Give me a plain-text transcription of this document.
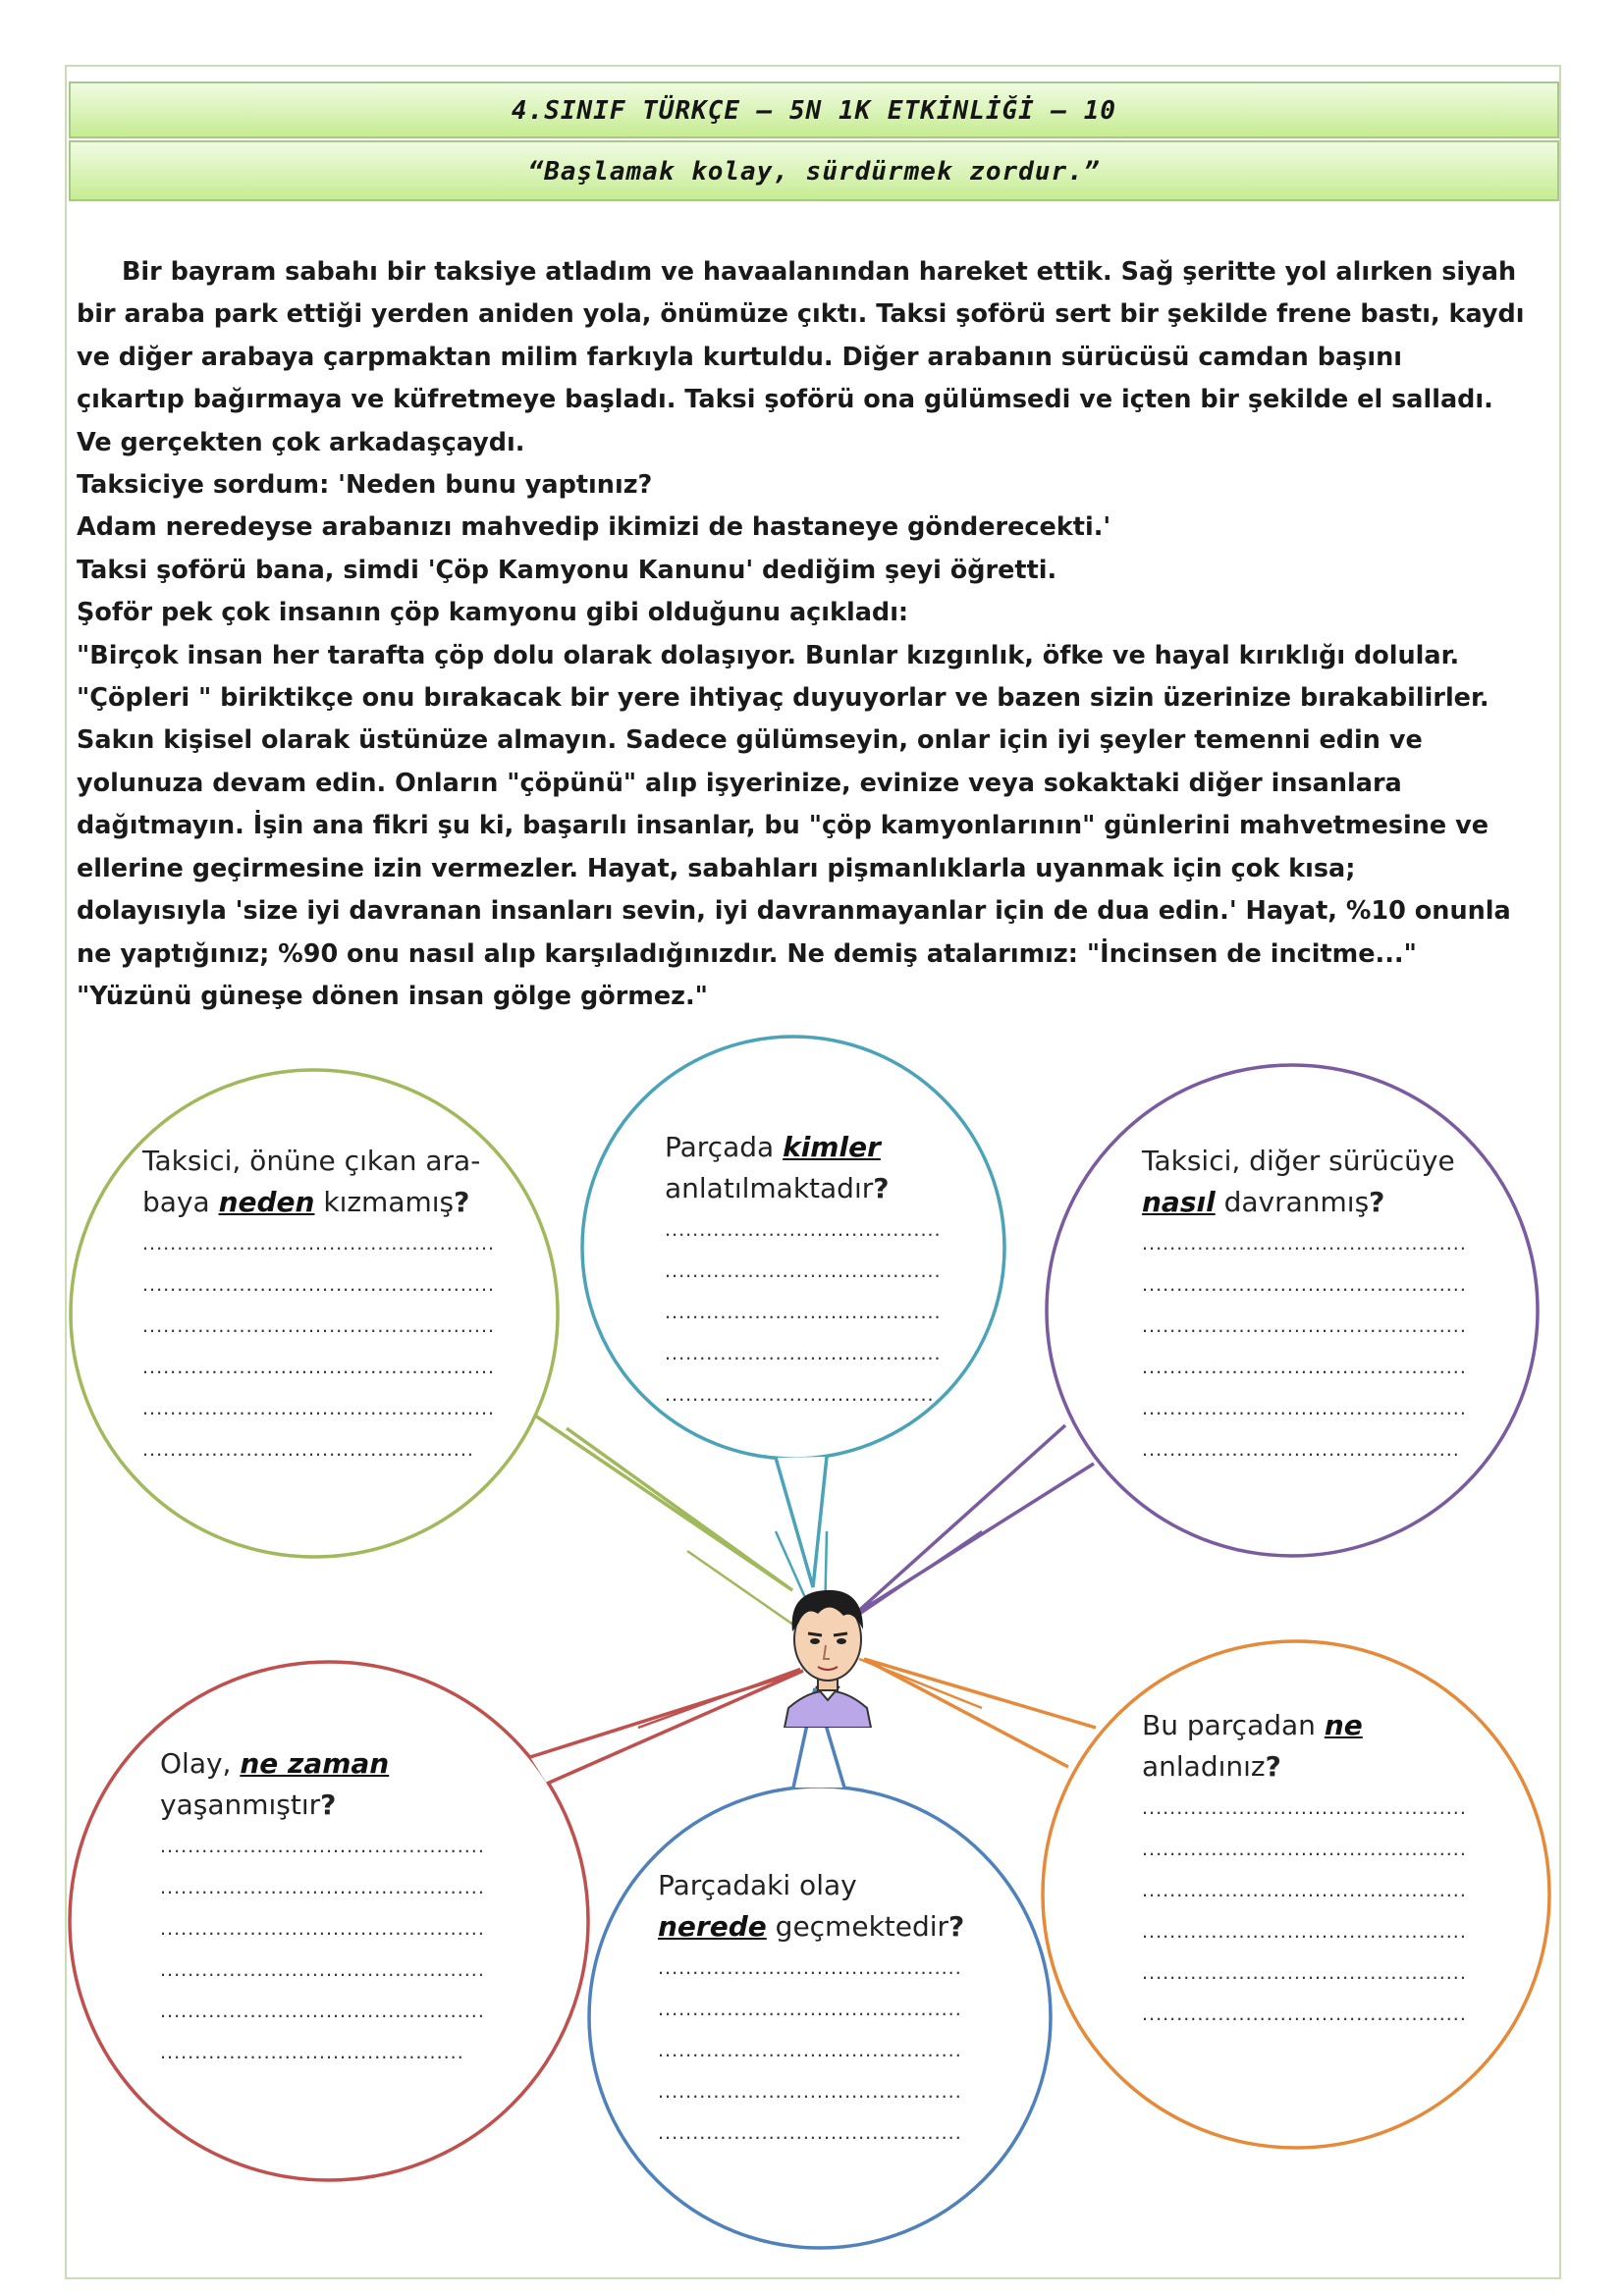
4.SINIF TÜRKÇE – 5N 1K ETKİNLİĞİ – 10
“Başlamak kolay, sürdürmek zordur.”
Bir bayram sabahı bir taksiye atladım ve havaalanından hareket ettik. Sağ şeritte yol alırken siyah
bir araba park ettiği yerden aniden yola, önümüze çıktı. Taksi şoförü sert bir şekilde frene bastı, kaydı
ve diğer arabaya çarpmaktan milim farkıyla kurtuldu. Diğer arabanın sürücüsü camdan başını
çıkartıp bağırmaya ve küfretmeye başladı. Taksi şoförü ona gülümsedi ve içten bir şekilde el salladı.
Ve gerçekten çok arkadaşçaydı.
Taksiciye sordum: 'Neden bunu yaptınız?
Adam neredeyse arabanızı mahvedip ikimizi de hastaneye gönderecekti.'
Taksi şoförü bana, simdi 'Çöp Kamyonu Kanunu' dediğim şeyi öğretti.
Şoför pek çok insanın çöp kamyonu gibi olduğunu açıkladı:
"Birçok insan her tarafta çöp dolu olarak dolaşıyor. Bunlar kızgınlık, öfke ve hayal kırıklığı dolular.
"Çöpleri " biriktikçe onu bırakacak bir yere ihtiyaç duyuyorlar ve bazen sizin üzerinize bırakabilirler.
Sakın kişisel olarak üstünüze almayın. Sadece gülümseyin, onlar için iyi şeyler temenni edin ve
yolunuza devam edin. Onların "çöpünü" alıp işyerinize, evinize veya sokaktaki diğer insanlara
dağıtmayın. İşin ana fikri şu ki, başarılı insanlar, bu "çöp kamyonlarının" günlerini mahvetmesine ve
ellerine geçirmesine izin vermezler. Hayat, sabahları pişmanlıklarla uyanmak için çok kısa;
dolayısıyla 'size iyi davranan insanları sevin, iyi davranmayanlar için de dua edin.' Hayat, %10 onunla
ne yaptığınız; %90 onu nasıl alıp karşıladığınızdır. Ne demiş atalarımız: "İncinsen de incitme..."
"Yüzünü güneşe dönen insan gölge görmez."
Taksici, önüne çıkan ara-
baya neden kızmamış?
...................................................
...................................................
...................................................
...................................................
...................................................
................................................
Parçada kimler
anlatılmaktadır?
........................................
........................................
........................................
........................................
.......................................
Taksici, diğer sürücüye
nasıl davranmış?
...............................................
...............................................
...............................................
...............................................
...............................................
..............................................
Olay, ne zaman
yaşanmıştır?
...............................................
...............................................
...............................................
...............................................
...............................................
............................................
Parçadaki olay
nerede geçmektedir?
............................................
............................................
............................................
............................................
............................................
Bu parçadan ne
anladınız?
...............................................
...............................................
...............................................
...............................................
...............................................
...............................................
